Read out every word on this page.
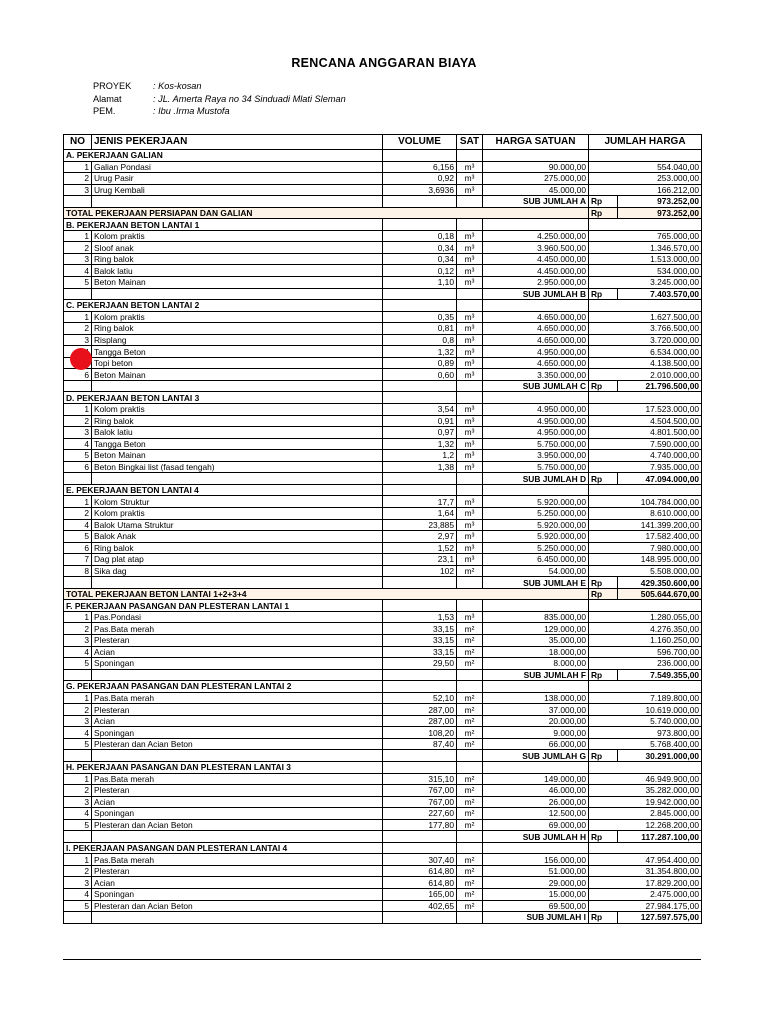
RENCANA ANGGARAN BIAYA
PROYEK	: Kos-kosan
Alamat	: JL. Amerta Raya no 34 Sinduadi Mlati Sleman
PEM.	: Ibu .Irma Mustofa
NO	JENIS PEKERJAAN	VOLUME	SAT	HARGA SATUAN	JUMLAH HARGA	
A. PEKERJAAN GALIAN						
1	Galian Pondasi	6,156	m³	90.000,00	554.040,00	
2	Urug Pasir	0,92	m³	275.000,00	253.000,00	
3	Urug Kembali	3,6936	m³	45.000,00	166.212,00	
				SUB JUMLAH A	Rp	973.252,00
TOTAL PEKERJAAN PERSIAPAN DAN GALIAN					Rp	973.252,00
B. PEKERJAAN BETON LANTAI 1						
1	Kolom praktis	0,18	m³	4.250.000,00	765.000,00	
2	Sloof anak	0,34	m³	3.960.500,00	1.346.570,00	
3	Ring balok	0,34	m³	4.450.000,00	1.513.000,00	
4	Balok latiu	0,12	m³	4.450.000,00	534.000,00	
5	Beton Mainan	1,10	m³	2.950.000,00	3.245.000,00	
				SUB JUMLAH B	Rp	7.403.570,00
C. PEKERJAAN BETON LANTAI 2						
1	Kolom praktis	0,35	m³	4.650.000,00	1.627.500,00	
2	Ring balok	0,81	m³	4.650.000,00	3.766.500,00	
3	Risplang	0,8	m³	4.650.000,00	3.720.000,00	
	Tangga Beton	1,32	m³	4.950.000,00	6.534.000,00	
	Topi beton	0,89	m³	4.650.000,00	4.138.500,00	
6	Beton Mainan	0,60	m³	3.350.000,00	2.010.000,00	
				SUB JUMLAH C	Rp	21.796.500,00
D. PEKERJAAN BETON LANTAI 3						
1	Kolom praktis	3,54	m³	4.950.000,00	17.523.000,00	
2	Ring balok	0,91	m³	4.950.000,00	4.504.500,00	
3	Balok latiu	0,97	m³	4.950.000,00	4.801.500,00	
4	Tangga Beton	1,32	m³	5.750.000,00	7.590.000,00	
5	Beton Mainan	1,2	m³	3.950.000,00	4.740.000,00	
6	Beton Bingkai list (fasad tengah)	1,38	m³	5.750.000,00	7.935.000,00	
				SUB JUMLAH D	Rp	47.094.000,00
E. PEKERJAAN BETON LANTAI 4						
1	Kolom Struktur	17,7	m³	5.920.000,00	104.784.000,00	
2	Kolom praktis	1,64	m³	5.250.000,00	8.610.000,00	
4	Balok Utama Struktur	23,885	m³	5.920.000,00	141.399.200,00	
5	Balok Anak	2,97	m³	5.920.000,00	17.582.400,00	
6	Ring balok	1,52	m³	5.250.000,00	7.980.000,00	
7	Dag plat atap	23,1	m³	6.450.000,00	148.995.000,00	
8	Sika dag	102	m²	54.000,00	5.508.000,00	
				SUB JUMLAH E	Rp	429.350.600,00
TOTAL PEKERJAAN BETON LANTAI 1+2+3+4					Rp	505.644.670,00
F. PEKERJAAN PASANGAN DAN PLESTERAN LANTAI 1						
1	Pas.Pondasi	1,53	m³	835.000,00	1.280.055,00	
2	Pas.Bata merah	33,15	m²	129.000,00	4.276.350,00	
3	Plesteran	33,15	m²	35.000,00	1.160.250,00	
4	Acian	33,15	m²	18.000,00	596.700,00	
5	Sponingan	29,50	m²	8.000,00	236.000,00	
				SUB JUMLAH F	Rp	7.549.355,00
G. PEKERJAAN PASANGAN DAN PLESTERAN LANTAI 2						
1	Pas.Bata merah	52,10	m²	138.000,00	7.189.800,00	
2	Plesteran	287,00	m²	37.000,00	10.619.000,00	
3	Acian	287,00	m²	20.000,00	5.740.000,00	
4	Sponingan	108,20	m²	9.000,00	973.800,00	
5	Plesteran dan Acian Beton	87,40	m²	66.000,00	5.768.400,00	
				SUB JUMLAH G	Rp	30.291.000,00
H. PEKERJAAN PASANGAN DAN PLESTERAN LANTAI 3						
1	Pas.Bata merah	315,10	m²	149.000,00	46.949.900,00	
2	Plesteran	767,00	m²	46.000,00	35.282.000,00	
3	Acian	767,00	m²	26.000,00	19.942.000,00	
4	Sponingan	227,60	m²	12.500,00	2.845.000,00	
5	Plesteran dan Acian Beton	177,80	m²	69.000,00	12.268.200,00	
				SUB JUMLAH H	Rp	117.287.100,00
I. PEKERJAAN PASANGAN DAN PLESTERAN LANTAI 4						
1	Pas.Bata merah	307,40	m²	156.000,00	47.954.400,00	
2	Plesteran	614,80	m²	51.000,00	31.354.800,00	
3	Acian	614,80	m²	29.000,00	17.829.200,00	
4	Sponingan	165,00	m²	15.000,00	2.475.000,00	
5	Plesteran dan Acian Beton	402,65	m²	69.500,00	27.984.175,00	
				SUB JUMLAH I	Rp	127.597.575,00
